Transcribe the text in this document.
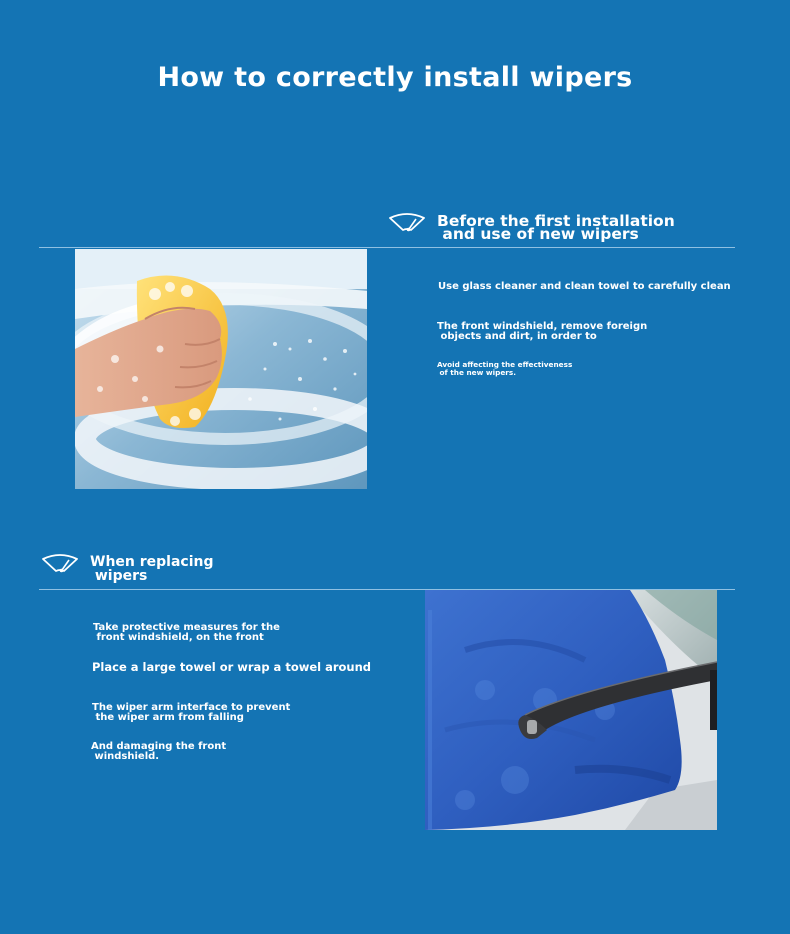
How to correctly install wipers
Before the first installation
and use of new wipers
Use glass cleaner and clean towel to carefully clean
The front windshield, remove foreign
objects and dirt, in order to
Avoid affecting the effectiveness
of the new wipers.
When replacing
wipers
Take protective measures for the
front windshield, on the front
Place a large towel or wrap a towel around
The wiper arm interface to prevent
the wiper arm from falling
And damaging the front
windshield.
